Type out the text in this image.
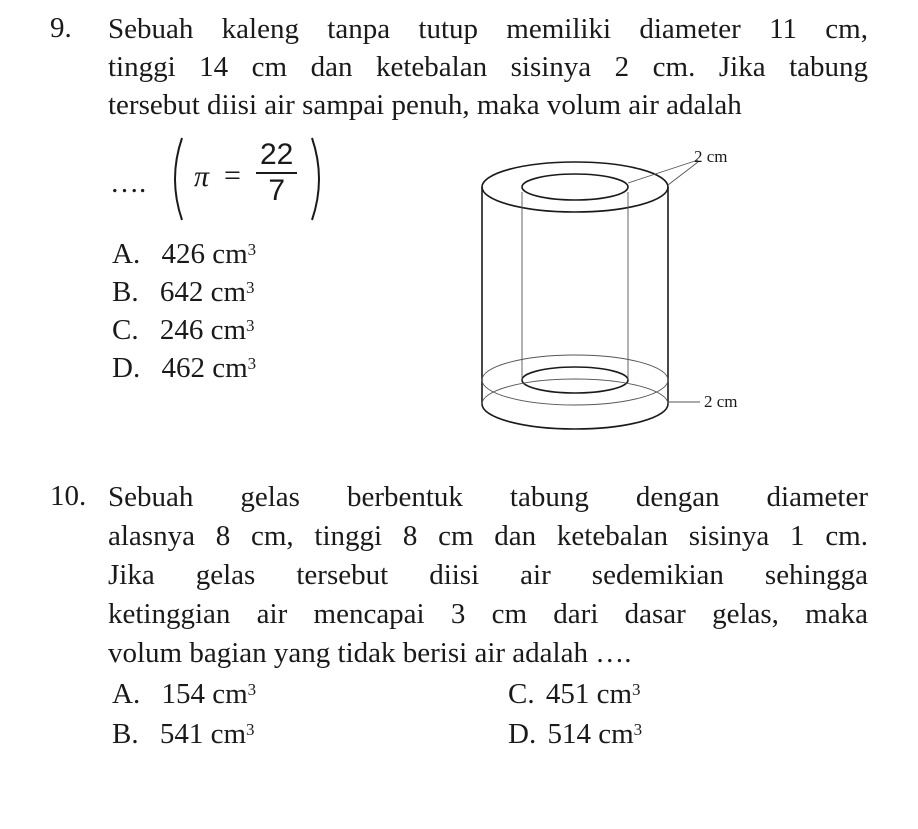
9. Sebuah kaleng tanpa tutup memiliki diameter 11 cm,
tinggi 14 cm dan ketebalan sisinya 2 cm. Jika tabung
tersebut diisi air sampai penuh, maka volum air adalah
…. $\pi = \frac{22}{7}$
A. 426 $cm^3$
B. 642 $cm^3$
C. 246 $cm^3$
D. 462 $cm^3$
2 cm
2 cm
10. Sebuah gelas berbentuk tabung dengan diameter
alasnya 8 cm, tinggi 8 cm dan ketebalan sisinya 1 cm.
Jika gelas tersebut diisi air sedemikian sehingga
ketinggian air mencapai 3 cm dari dasar gelas, maka
volum bagian yang tidak berisi air adalah ….
A. 154 $cm^3$
B. 541 $cm^3$
C. 451 $cm^3$
D. 514 $cm^3$
